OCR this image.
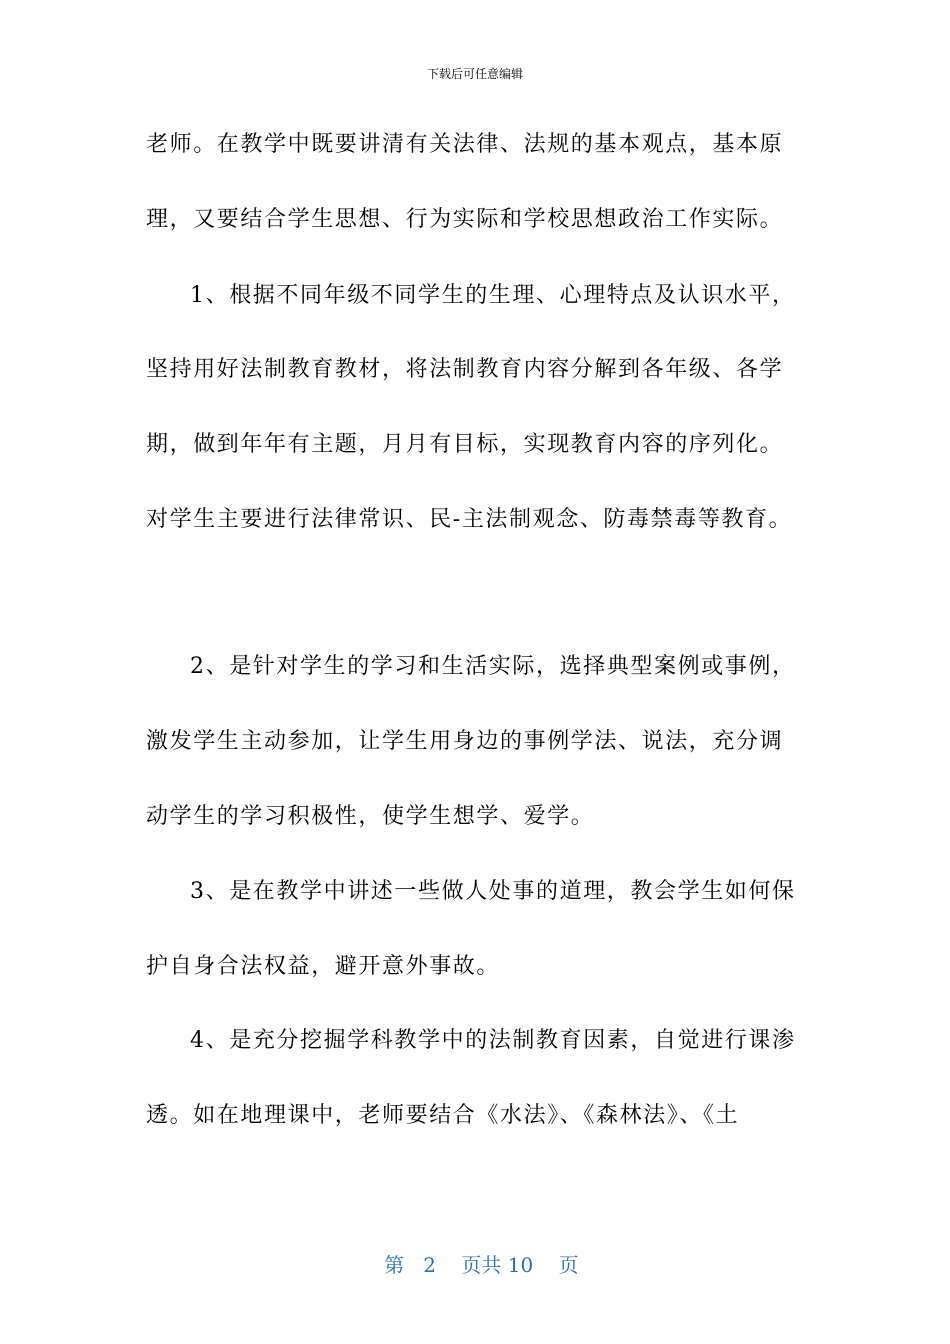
下载后可任意编辑
老师。在教学中既要讲清有关法律、法规的基本观点，基本原
理，又要结合学生思想、行为实际和学校思想政治工作实际。
1、根据不同年级不同学生的生理、心理特点及认识水平，
坚持用好法制教育教材，将法制教育内容分解到各年级、各学
期，做到年年有主题，月月有目标，实现教育内容的序列化。
对学生主要进行法律常识、民-主法制观念、防毒禁毒等教育。
2、是针对学生的学习和生活实际，选择典型案例或事例，
激发学生主动参加，让学生用身边的事例学法、说法，充分调
动学生的学习积极性，使学生想学、爱学。
3、是在教学中讲述一些做人处事的道理，教会学生如何保
护自身合法权益，避开意外事故。
4、是充分挖掘学科教学中的法制教育因素，自觉进行课渗
透。如在地理课中，老师要结合《水法》、《森林法》、《土

第 2 页共 10 页
